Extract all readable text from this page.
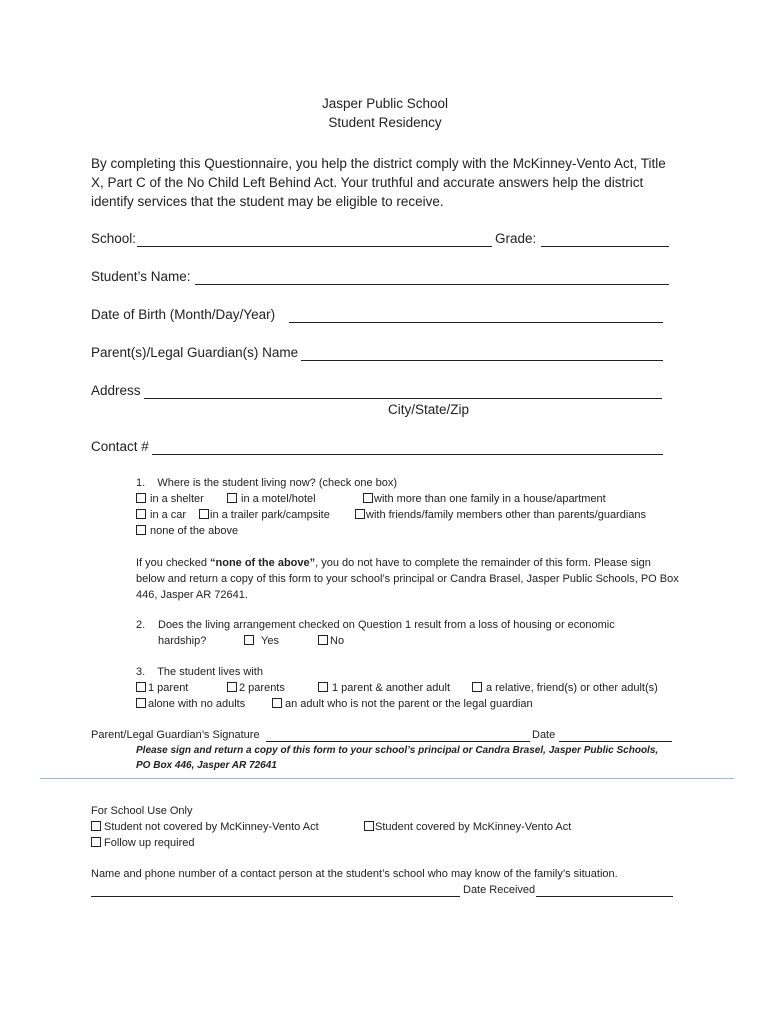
Jasper Public School
Student Residency
By completing this Questionnaire, you help the district comply with the McKinney-Vento Act, Title X, Part C of the No Child Left Behind Act. Your truthful and accurate answers help the district identify services that the student may be eligible to receive.
School:	Grade:
Student’s Name:
Date of Birth (Month/Day/Year)
Parent(s)/Legal Guardian(s) Name
Address
City/State/Zip
Contact #
1.    Where is the student living now? (check one box)
in a shelter	in a motel/hotel	with more than one family in a house/apartment
in a car	in a trailer park/campsite	with friends/family members other than parents/guardians
none of the above
If you checked “none of the above”, you do not have to complete the remainder of this form. Please sign below and return a copy of this form to your school’s principal or Candra Brasel, Jasper Public Schools, PO Box 446, Jasper AR 72641.
2. Does the living arrangement checked on Question 1 result from a loss of housing or economic
hardship?	Yes	No
3.    The student lives with
1 parent	2 parents	1 parent & another adult	a relative, friend(s) or other adult(s)
alone with no adults	an adult who is not the parent or the legal guardian
Parent/Legal Guardian’s Signature	Date
Please sign and return a copy of this form to your school’s principal or Candra Brasel, Jasper Public Schools,
PO Box 446, Jasper AR 72641
For School Use Only
Student not covered by McKinney-Vento Act	Student covered by McKinney-Vento Act
Follow up required
Name and phone number of a contact person at the student’s school who may know of the family’s situation.
Date Received
